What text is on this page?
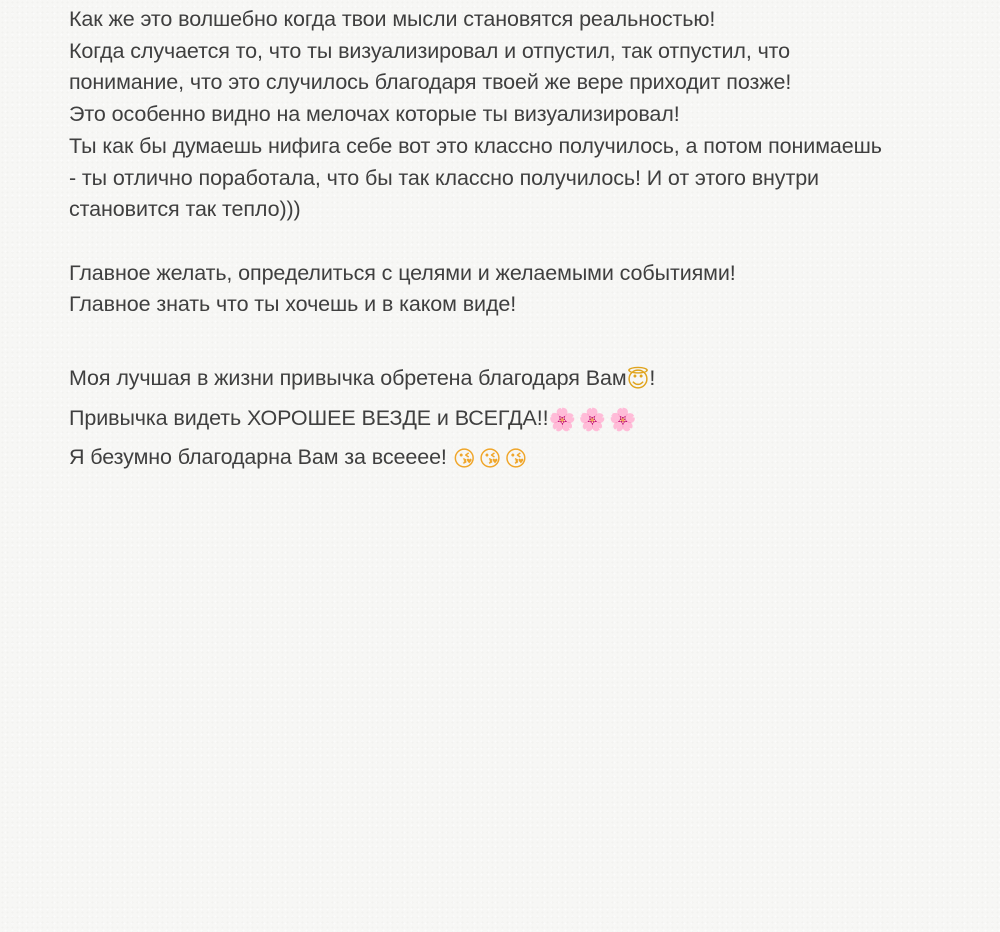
Как же это волшебно когда твои мысли становятся реальностью!
Когда случается то, что ты визуализировал и отпустил, так отпустил, что
понимание, что это случилось благодаря твоей же вере приходит позже!
Это особенно видно на мелочах которые ты визуализировал!
Ты как бы думаешь нифига себе вот это классно получилось, а потом понимаешь
- ты отлично поработала, что бы так классно получилось! И от этого внутри
становится так тепло)))
Главное желать, определиться с целями и желаемыми событиями!
Главное знать что ты хочешь и в каком виде!
Моя лучшая в жизни привычка обретена благодаря Вам😇!
Привычка видеть ХОРОШЕЕ ВЕЗДЕ и ВСЕГДА!!🌸 🌸 🌸
Я безумно благодарна Вам за всееее! 😘 😘 😘
